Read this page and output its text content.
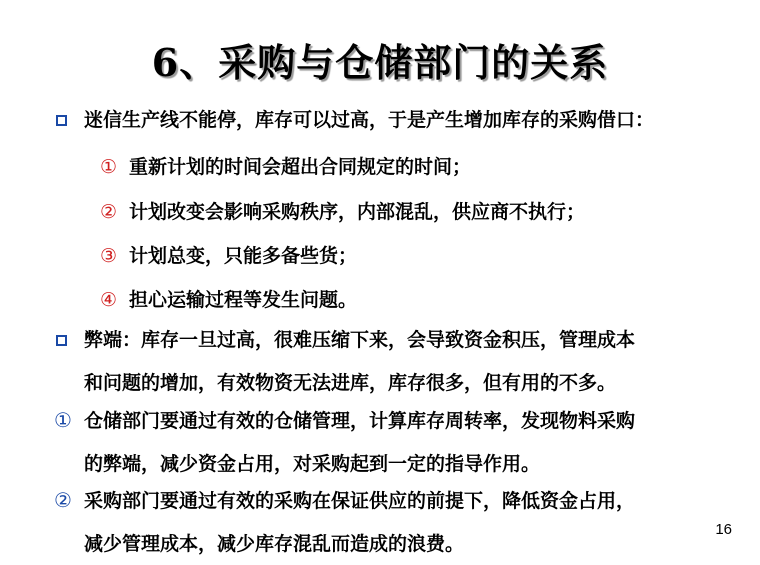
6、采购与仓储部门的关系
迷信生产线不能停，库存可以过高，于是产生增加库存的采购借口：
① 重新计划的时间会超出合同规定的时间；
② 计划改变会影响采购秩序，内部混乱，供应商不执行；
③ 计划总变，只能多备些货；
④ 担心运输过程等发生问题。
弊端：库存一旦过高，很难压缩下来，会导致资金积压，管理成本
和问题的增加，有效物资无法进库，库存很多，但有用的不多。
① 仓储部门要通过有效的仓储管理，计算库存周转率，发现物料采购
的弊端，减少资金占用，对采购起到一定的指导作用。
② 采购部门要通过有效的采购在保证供应的前提下，降低资金占用，
减少管理成本，减少库存混乱而造成的浪费。
16
